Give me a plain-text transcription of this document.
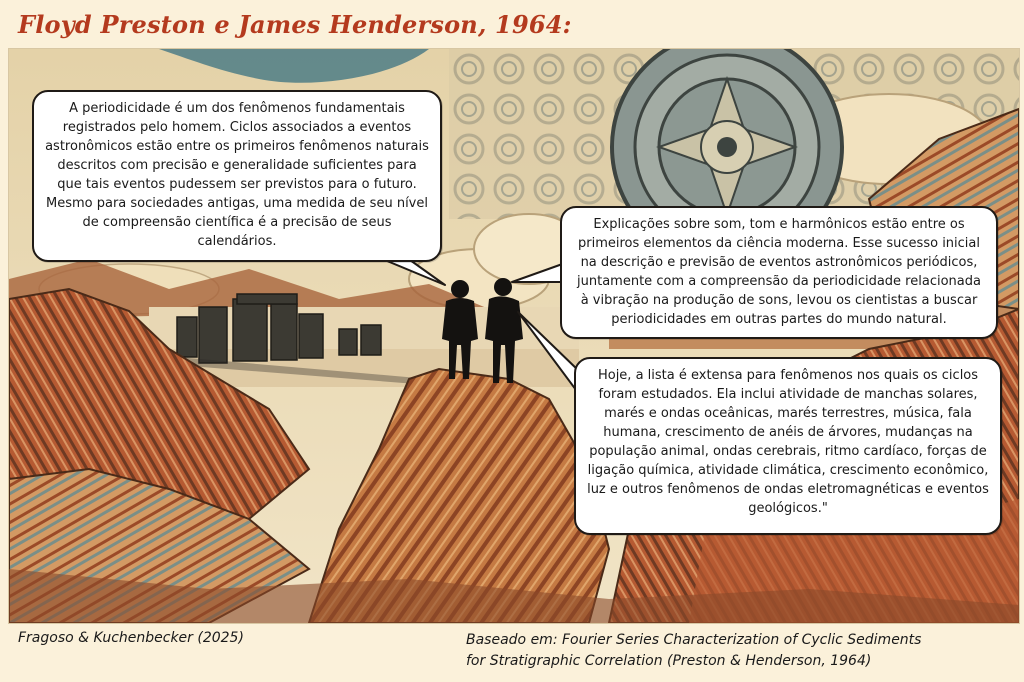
Floyd Preston e James Henderson, 1964:

A periodicidade é um dos fenômenos fundamentais registrados pelo homem. Ciclos associados a eventos astronômicos estão entre os primeiros fenômenos naturais descritos com precisão e generalidade suficientes para que tais eventos pudessem ser previstos para o futuro. Mesmo para sociedades antigas, uma medida de seu nível de compreensão científica é a precisão de seus calendários.

Explicações sobre som, tom e harmônicos estão entre os primeiros elementos da ciência moderna. Esse sucesso inicial na descrição e previsão de eventos astronômicos periódicos, juntamente com a compreensão da periodicidade relacionada à vibração na produção de sons, levou os cientistas a buscar periodicidades em outras partes do mundo natural.

Hoje, a lista é extensa para fenômenos nos quais os ciclos foram estudados. Ela inclui atividade de manchas solares, marés e ondas oceânicas, marés terrestres, música, fala humana, crescimento de anéis de árvores, mudanças na população animal, ondas cerebrais, ritmo cardíaco, forças de ligação química, atividade climática, crescimento econômico, luz e outros fenômenos de ondas eletromagnéticas e eventos geológicos."

Fragoso & Kuchenbecker (2025)	Baseado em: Fourier Series Characterization of Cyclic Sediments
for Stratigraphic Correlation (Preston & Henderson, 1964)
